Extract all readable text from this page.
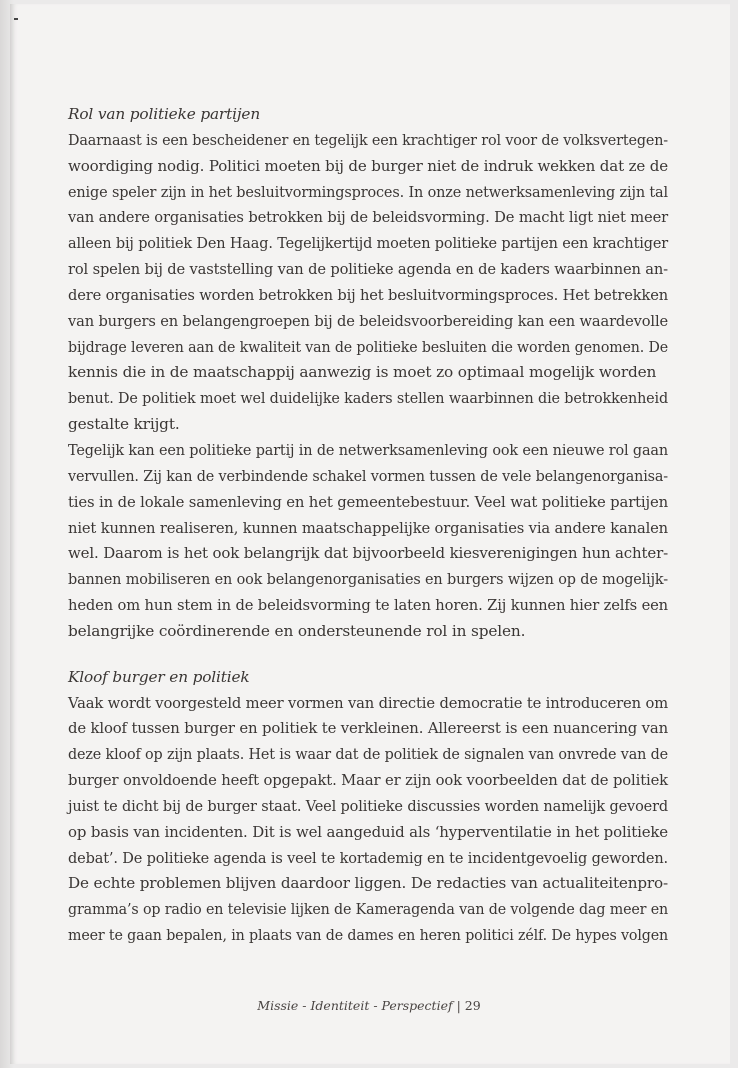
Rol van politieke partijen
Daarnaast is een bescheidener en tegelijk een krachtiger rol voor de volksvertegen-
woordiging nodig. Politici moeten bij de burger niet de indruk wekken dat ze de
enige speler zijn in het besluitvormingsproces. In onze netwerksamenleving zijn tal
van andere organisaties betrokken bij de beleidsvorming. De macht ligt niet meer
alleen bij politiek Den Haag. Tegelijkertijd moeten politieke partijen een krachtiger
rol spelen bij de vaststelling van de politieke agenda en de kaders waarbinnen an-
dere organisaties worden betrokken bij het besluitvormingsproces. Het betrekken
van burgers en belangengroepen bij de beleidsvoorbereiding kan een waardevolle
bijdrage leveren aan de kwaliteit van de politieke besluiten die worden genomen. De
kennis die in de maatschappij aanwezig is moet zo optimaal mogelijk worden
benut. De politiek moet wel duidelijke kaders stellen waarbinnen die betrokkenheid
gestalte krijgt.
Tegelijk kan een politieke partij in de netwerksamenleving ook een nieuwe rol gaan
vervullen. Zij kan de verbindende schakel vormen tussen de vele belangenorganisa-
ties in de lokale samenleving en het gemeentebestuur. Veel wat politieke partijen
niet kunnen realiseren, kunnen maatschappelijke organisaties via andere kanalen
wel. Daarom is het ook belangrijk dat bijvoorbeeld kiesverenigingen hun achter-
bannen mobiliseren en ook belangenorganisaties en burgers wijzen op de mogelijk-
heden om hun stem in de beleidsvorming te laten horen. Zij kunnen hier zelfs een
belangrijke coördinerende en ondersteunende rol in spelen.
Kloof burger en politiek
Vaak wordt voorgesteld meer vormen van directie democratie te introduceren om
de kloof tussen burger en politiek te verkleinen. Allereerst is een nuancering van
deze kloof op zijn plaats. Het is waar dat de politiek de signalen van onvrede van de
burger onvoldoende heeft opgepakt. Maar er zijn ook voorbeelden dat de politiek
juist te dicht bij de burger staat. Veel politieke discussies worden namelijk gevoerd
op basis van incidenten. Dit is wel aangeduid als ‘hyperventilatie in het politieke
debat’. De politieke agenda is veel te kortademig en te incidentgevoelig geworden.
De echte problemen blijven daardoor liggen. De redacties van actualiteitenpro-
gramma’s op radio en televisie lijken de Kameragenda van de volgende dag meer en
meer te gaan bepalen, in plaats van de dames en heren politici zélf. De hypes volgen
Missie - Identiteit - Perspectief | 29
